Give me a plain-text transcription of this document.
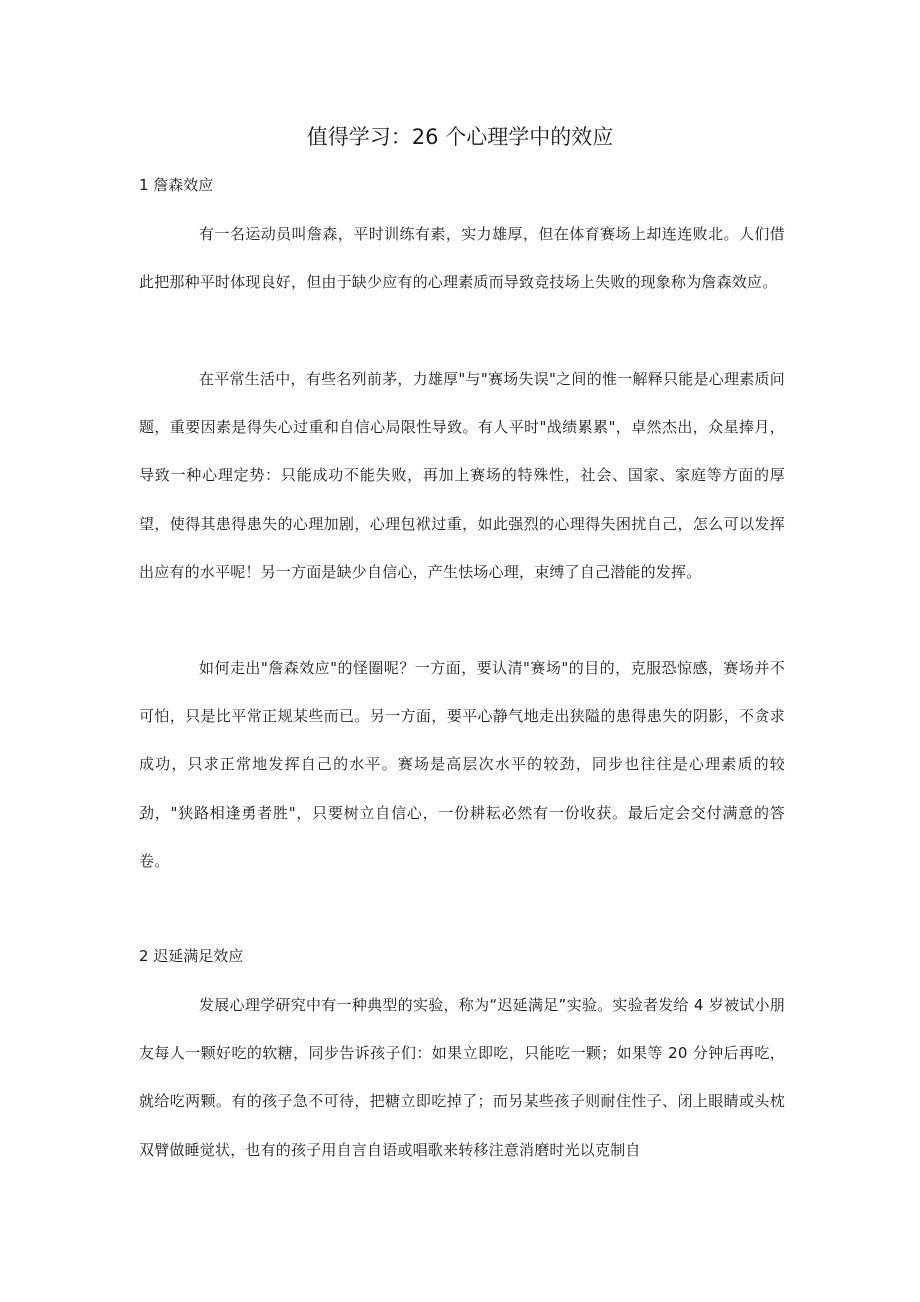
值得学习：26 个心理学中的效应
1 詹森效应

有一名运动员叫詹森，平时训练有素，实力雄厚，但在体育赛场上却连连败北。人们借此把那种平时体现良好，但由于缺少应有的心理素质而导致竞技场上失败的现象称为詹森效应。

在平常生活中，有些名列前茅，力雄厚"与"赛场失误"之间的惟一解释只能是心理素质问题，重要因素是得失心过重和自信心局限性导致。有人平时"战绩累累"，卓然杰出，众星捧月，导致一种心理定势：只能成功不能失败，再加上赛场的特殊性，社会、国家、家庭等方面的厚望，使得其患得患失的心理加剧，心理包袱过重，如此强烈的心理得失困扰自己，怎么可以发挥出应有的水平呢！另一方面是缺少自信心，产生怯场心理，束缚了自己潜能的发挥。

如何走出"詹森效应"的怪圈呢？一方面，要认清"赛场"的目的，克服恐惊感，赛场并不可怕，只是比平常正规某些而已。另一方面，要平心静气地走出狭隘的患得患失的阴影，不贪求成功，只求正常地发挥自己的水平。赛场是高层次水平的较劲，同步也往往是心理素质的较劲，"狭路相逢勇者胜"，只要树立自信心，一份耕耘必然有一份收获。最后定会交付满意的答卷。

2 迟延满足效应

发展心理学研究中有一种典型的实验，称为“迟延满足”实验。实验者发给 4 岁被试小朋友每人一颗好吃的软糖，同步告诉孩子们：如果立即吃，只能吃一颗；如果等 20 分钟后再吃，就给吃两颗。有的孩子急不可待，把糖立即吃掉了；而另某些孩子则耐住性子、闭上眼睛或头枕双臂做睡觉状，也有的孩子用自言自语或唱歌来转移注意消磨时光以克制自
